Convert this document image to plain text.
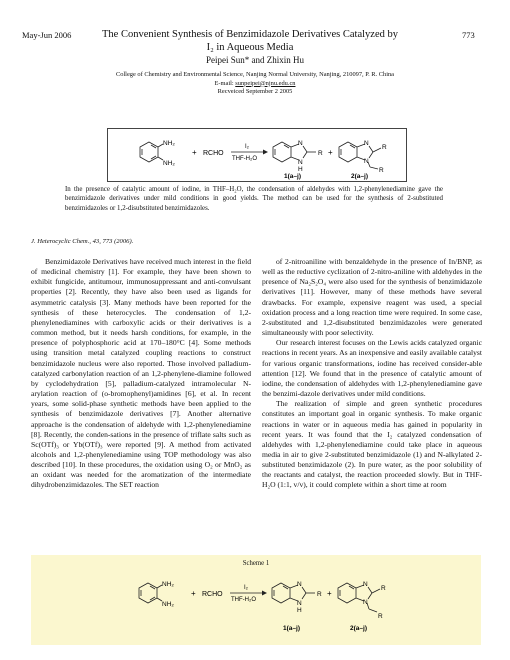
May-Jun 2006	773
The Convenient Synthesis of Benzimidazole Derivatives Catalyzed by I₂ in Aqueous Media
Peipei Sun* and Zhixin Hu
College of Chemistry and Environmental Science, Nanjing Normal University, Nanjing, 210097, P. R. China
E-mail: sunpeipei@njnu.edu.cn
Recveiced September 2 2005
NH₂
NH₂
+ RCHO
I₂
THF-H₂O
N
N
H
R
1(a–j)
+
N
N
R
R
2(a–j)
In the presence of catalytic amount of iodine, in THF–H₂O, the condensation of aldehydes with 1,2-phenylenediamine gave the benzimidazole derivatives under mild conditions in good yields. The method can be used for the synthesis of 2-substituted benzimidazoles or 1,2-disubstituted benzimidazoles.
J. Heterocyclic Chem., 43, 773 (2006).

Benzimidazole Derivatives have received much interest in the field of medicinal chemistry [1]. For example, they have been shown to exhibit fungicide, antitumour, immunosuppressant and anti-convulsant properties [2]. Recently, they have also been used as ligands for asymmetric catalysis [3]. Many methods have been reported for the synthesis of these heterocycles. The condensation of 1,2-phenylenediamines with carboxylic acids or their derivatives is a common method, but it needs harsh conditions, for example, in the presence of polyphosphoric acid at 170–180°C [4]. Some methods using transition metal catalyzed coupling reactions to construct benzimidazole nucleus were also reported. Those involved palladium-catalyzed carbonylation reaction of an 1,2-phenylene-diamine followed by cyclodehydration [5], palladium-catalyzed intramolecular N-arylation reaction of (o-bromophenyl)amidines [6], et al. In recent years, some solid-phase synthetic methods have been applied to the synthesis of benzimidazole derivatives [7]. Another alternative approache is the condensation of aldehyde with 1,2-phenylenediamine [8]. Recently, the conden-sations in the presence of triflate salts such as Sc(OTf)₃ or Yb(OTf)₃ were reported [9]. A method from activated alcohols and 1,2-phenylenediamine using TOP methodology was also described [10]. In these procedures, the oxidation using O₂ or MnO₂ as an oxidant was needed for the aromatization of the intermediate dihydrobenzimidazoles. The SET reaction

of 2-nitroaniline with benzaldehyde in the presence of In/BNP, as well as the reductive cyclization of 2-nitro-aniline with aldehydes in the presence of Na₂S₂O₄ were also used for the synthesis of benzimidazole derivatives [11]. However, many of these methods have several drawbacks. For example, expensive reagent was used, a special oxidation process and a long reaction time were required. In some case, 2-substituted and 1,2-disubstituted benzimidazoles were generated simultaneously with poor selectivity.

Our research interest focuses on the Lewis acids catalyzed organic reactions in recent years. As an inexpensive and easily available catalyst for various organic transformations, iodine has received consider-able attention [12]. We found that in the presence of catalytic amount of iodine, the condensation of aldehydes with 1,2-phenylenediamine gave the benzimi-dazole derivatives under mild conditions.

The realization of simple and green synthetic procedures constitutes an important goal in organic synthesis. To make organic reactions in water or in aqueous media has gained in popularity in recent years. It was found that the I₂ catalyzed condensation of aldehydes with 1,2-phenylenediamine could take place in aqueous media in air to give 2-substituted benzimidazole (1) and N-alkylated 2-substituted benzimidazole (2). In pure water, as the poor solubility of the reactants and catalyst, the reaction proceeded slowly. But in THF-H₂O (1:1, v/v), it could complete within a short time at room

Scheme 1
NH₂
NH₂
+ RCHO
I₂
THF-H₂O
N
N
H
R
1(a–j)
+
N
N
R
R
2(a–j)
